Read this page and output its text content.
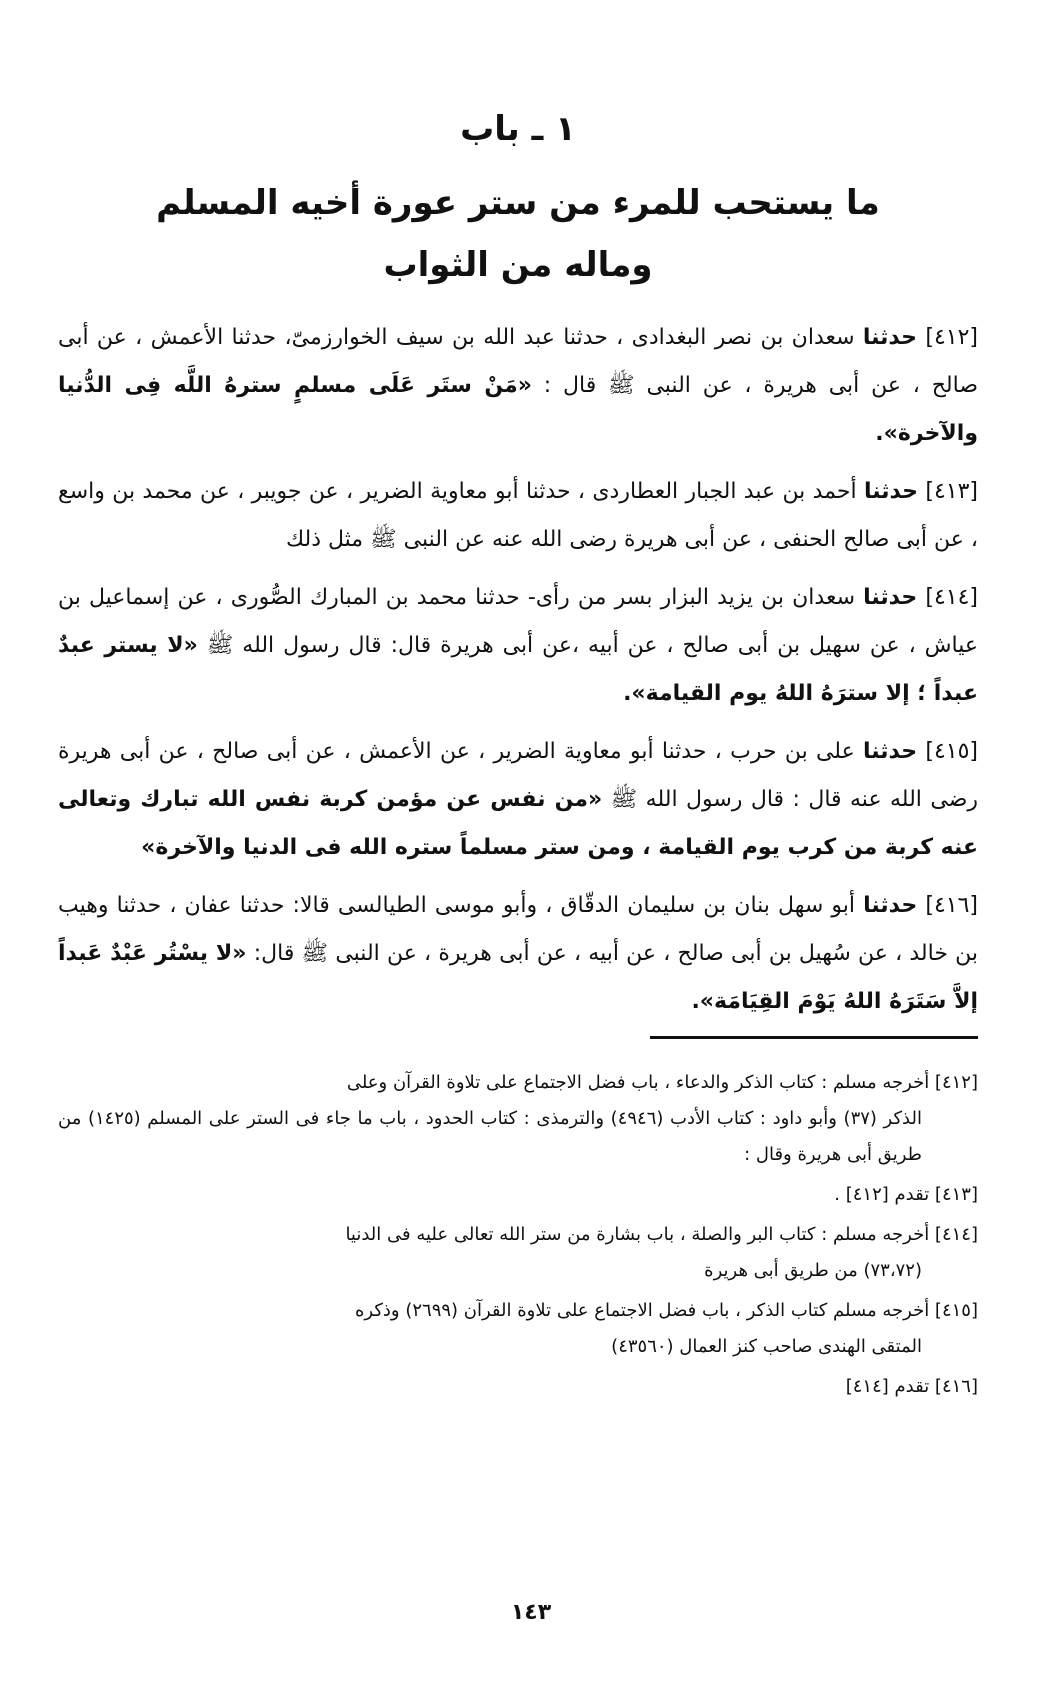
١ ـ باب
ما يستحب للمرء من ستر عورة أخيه المسلم
وماله من الثواب

[٤١٢] حدثنا سعدان بن نصر البغدادى ، حدثنا عبد الله بن سيف الخوارزمىّ، حدثنا الأعمش ، عن أبى صالح ، عن أبى هريرة ، عن النبى ﷺ قال : «مَنْ ستَر عَلَى مسلمٍ سترهُ اللَّه فِى الدُّنيا والآخرة».

[٤١٣] حدثنا أحمد بن عبد الجبار العطاردى ، حدثنا أبو معاوية الضرير ، عن جويبر ، عن محمد بن واسع ، عن أبى صالح الحنفى ، عن أبى هريرة رضى الله عنه عن النبى ﷺ مثل ذلك

[٤١٤] حدثنا سعدان بن يزيد البزار بسر من رأى- حدثنا محمد بن المبارك الصُّورى ، عن إسماعيل بن عياش ، عن سهيل بن أبى صالح ، عن أبيه ،عن أبى هريرة قال: قال رسول الله ﷺ «لا يستر عبدٌ عبداً ؛ إلا سترَهُ اللهُ يوم القيامة».

[٤١٥] حدثنا على بن حرب ، حدثنا أبو معاوية الضرير ، عن الأعمش ، عن أبى صالح ، عن أبى هريرة رضى الله عنه قال : قال رسول الله ﷺ «من نفس عن مؤمن كربة نفس الله تبارك وتعالى عنه كربة من كرب يوم القيامة ، ومن ستر مسلماً ستره الله فى الدنيا والآخرة»

[٤١٦] حدثنا أبو سهل بنان بن سليمان الدقّاق ، وأبو موسى الطيالسى قالا: حدثنا عفان ، حدثنا وهيب بن خالد ، عن سُهيل بن أبى صالح ، عن أبيه ، عن أبى هريرة ، عن النبى ﷺ قال: «لا يسْتُر عَبْدٌ عَبداً إلاَّ سَتَرَهُ اللهُ يَوْمَ القِيَامَة».

[٤١٢] أخرجه مسلم : كتاب الذكر والدعاء ، باب فضل الاجتماع على تلاوة القرآن وعلى
الذكر (٣٧) وأبو داود : كتاب الأدب (٤٩٤٦) والترمذى : كتاب الحدود ، باب ما جاء فى الستر على المسلم (١٤٢٥) من طريق أبى هريرة وقال :

[٤١٣] تقدم [٤١٢] .

[٤١٤] أخرجه مسلم : كتاب البر والصلة ، باب بشارة من ستر الله تعالى عليه فى الدنيا
(٧٣،٧٢) من طريق أبى هريرة

[٤١٥] أخرجه مسلم كتاب الذكر ، باب فضل الاجتماع على تلاوة القرآن (٢٦٩٩) وذكره
المتقى الهندى صاحب كنز العمال (٤٣٥٦٠)

[٤١٦] تقدم [٤١٤]

١٤٣
